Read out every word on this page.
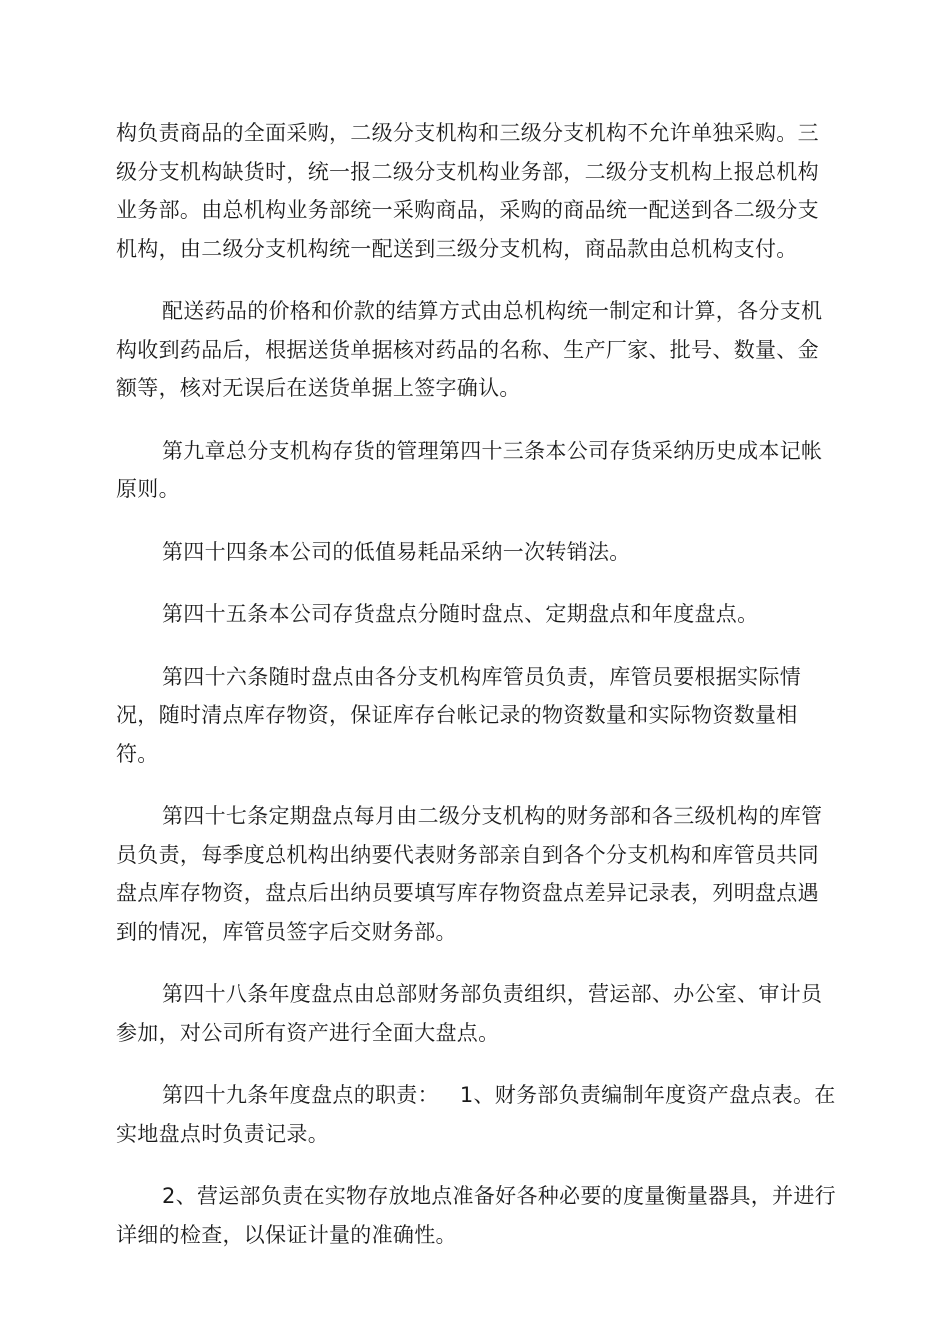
构负责商品的全面采购，二级分支机构和三级分支机构不允许单独采购。三级分支机构缺货时，统一报二级分支机构业务部，二级分支机构上报总机构业务部。由总机构业务部统一采购商品，采购的商品统一配送到各二级分支机构，由二级分支机构统一配送到三级分支机构，商品款由总机构支付。

配送药品的价格和价款的结算方式由总机构统一制定和计算，各分支机构收到药品后，根据送货单据核对药品的名称、生产厂家、批号、数量、金额等，核对无误后在送货单据上签字确认。

第九章总分支机构存货的管理第四十三条本公司存货采纳历史成本记帐原则。

第四十四条本公司的低值易耗品采纳一次转销法。

第四十五条本公司存货盘点分随时盘点、定期盘点和年度盘点。

第四十六条随时盘点由各分支机构库管员负责，库管员要根据实际情况，随时清点库存物资，保证库存台帐记录的物资数量和实际物资数量相符。

第四十七条定期盘点每月由二级分支机构的财务部和各三级机构的库管员负责，每季度总机构出纳要代表财务部亲自到各个分支机构和库管员共同盘点库存物资，盘点后出纳员要填写库存物资盘点差异记录表，列明盘点遇到的情况，库管员签字后交财务部。

第四十八条年度盘点由总部财务部负责组织，营运部、办公室、审计员参加，对公司所有资产进行全面大盘点。

第四十九条年度盘点的职责：   1、财务部负责编制年度资产盘点表。在实地盘点时负责记录。

2、营运部负责在实物存放地点准备好各种必要的度量衡量器具，并进行详细的检查，以保证计量的准确性。
